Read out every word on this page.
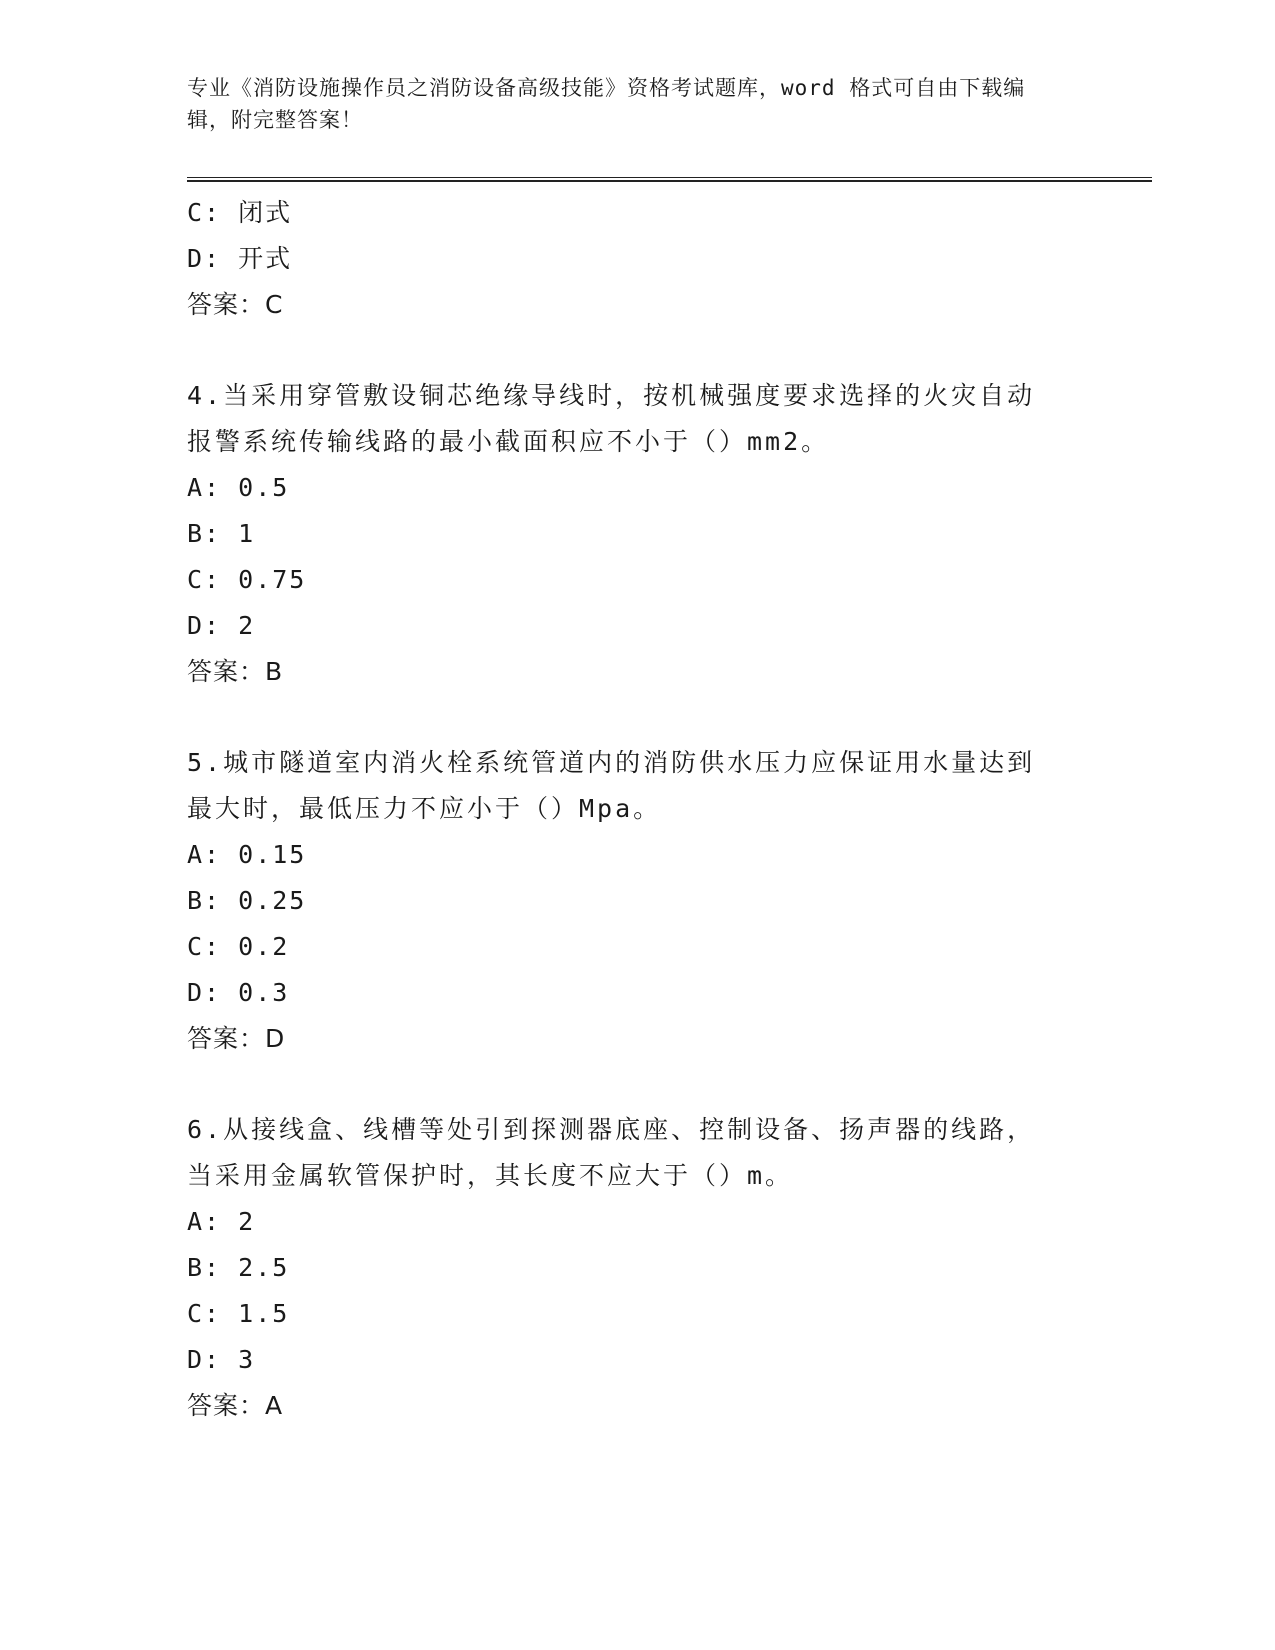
专业《消防设施操作员之消防设备高级技能》资格考试题库，word 格式可自由下载编辑，附完整答案！
C: 闭式
D: 开式
答案：C
4.当采用穿管敷设铜芯绝缘导线时，按机械强度要求选择的火灾自动
报警系统传输线路的最小截面积应不小于（）mm2。
A: 0.5
B: 1
C: 0.75
D: 2
答案：B
5.城市隧道室内消火栓系统管道内的消防供水压力应保证用水量达到
最大时，最低压力不应小于（）Mpa。
A: 0.15
B: 0.25
C: 0.2
D: 0.3
答案：D
6.从接线盒、线槽等处引到探测器底座、控制设备、扬声器的线路，
当采用金属软管保护时，其长度不应大于（）m。
A: 2
B: 2.5
C: 1.5
D: 3
答案：A
